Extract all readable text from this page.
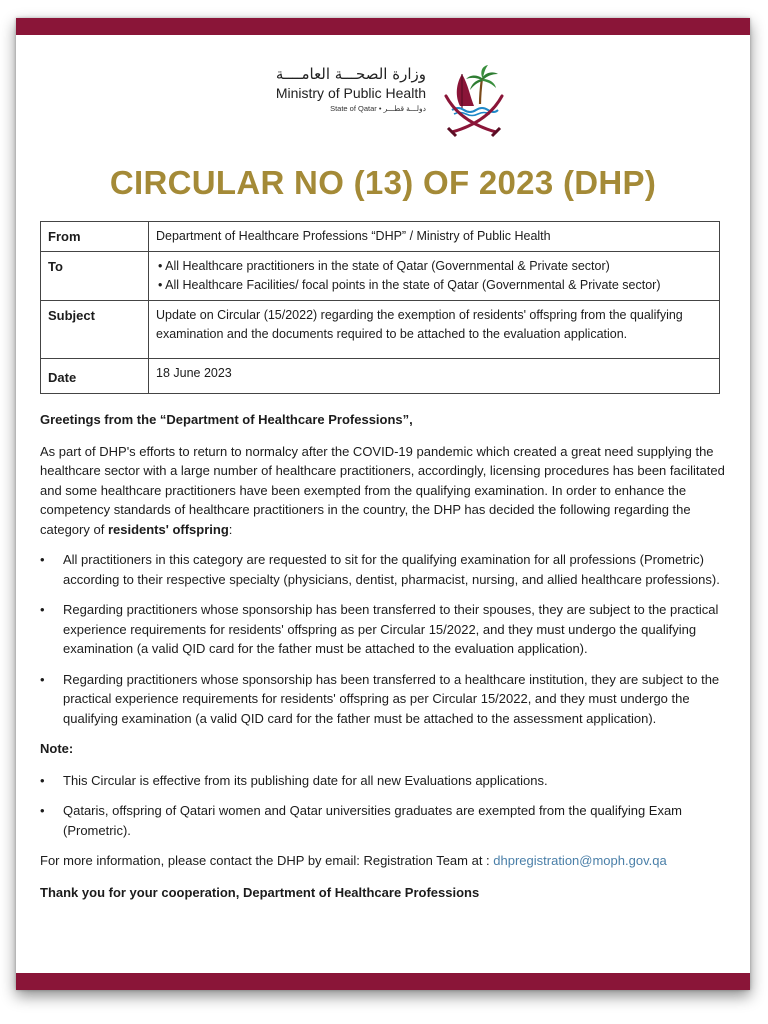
وزارة الصحـــة العامــــة
Ministry of Public Health
State of Qatar • دولـــة قطـــر
CIRCULAR NO (13) OF 2023 (DHP)
From	Department of Healthcare Professions “DHP” / Ministry of Public Health
To	• All Healthcare practitioners in the state of Qatar (Governmental & Private sector)
• All Healthcare Facilities/ focal points in the state of Qatar (Governmental & Private sector)

Subject	Update on Circular (15/2022) regarding the exemption of residents' offspring from the qualifying examination and the documents required to be attached to the evaluation application.
Date	18 June 2023

Greetings from the “Department of Healthcare Professions”,

As part of DHP's efforts to return to normalcy after the COVID-19 pandemic which created a great need supplying the healthcare sector with a large number of healthcare practitioners, accordingly, licensing procedures has been facilitated and some healthcare practitioners have been exempted from the qualifying examination. In order to enhance the competency standards of healthcare practitioners in the country, the DHP has decided the following regarding the category of residents' offspring:

• All practitioners in this category are requested to sit for the qualifying examination for all professions (Prometric) according to their respective specialty (physicians, dentist, pharmacist, nursing, and allied healthcare professions).
• Regarding practitioners whose sponsorship has been transferred to their spouses, they are subject to the practical experience requirements for residents' offspring as per Circular 15/2022, and they must undergo the qualifying examination (a valid QID card for the father must be attached to the evaluation application).
• Regarding practitioners whose sponsorship has been transferred to a healthcare institution, they are subject to the practical experience requirements for residents' offspring as per Circular 15/2022, and they must undergo the qualifying examination (a valid QID card for the father must be attached to the assessment application).

Note:

• This Circular is effective from its publishing date for all new Evaluations applications.
• Qataris, offspring of Qatari women and Qatar universities graduates are exempted from the qualifying Exam (Prometric).

For more information, please contact the DHP by email: Registration Team at : dhpregistration@moph.gov.qa

Thank you for your cooperation, Department of Healthcare Professions
